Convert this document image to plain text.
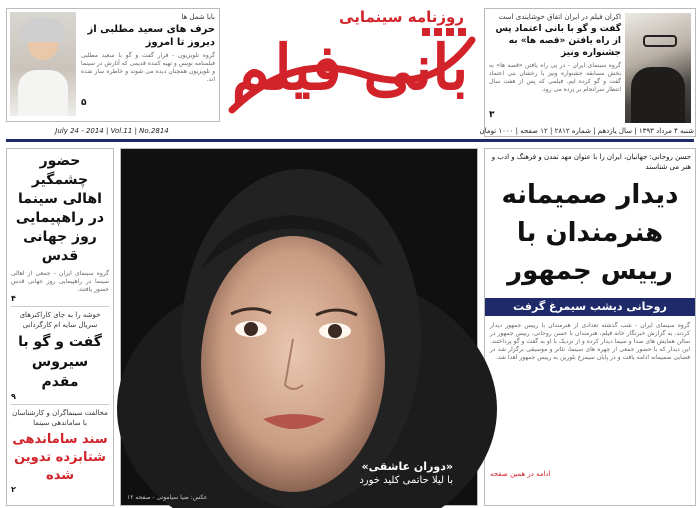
اکران فیلم در ایران اتفاق خوشایندی است
گفت و گو با بانی اعتماد پس از راه یافتن «قصه ها» به جشنواره ونیز
گروه سینمای ایران - در پی راه یافتن «قصه ها» به بخش مسابقه جشنواره ونیز با رخشان بنی اعتماد گفت و گو کرده ایم. فیلمی که پس از هفت سال انتظار سرانجام بر پرده می رود.
۳
روزنامه سینمایی
بانی فیلم
شنبه ۴ مرداد ۱۳۹۳ | سال یازدهم | شماره ۲۸۱۲ | ۱۲ صفحه | ۱۰۰۰ تومان
بابا شمل ها
حرف های سعید مطلبی از دیروز تا امروز
گروه تلویزیون - فرار گفت و گو با سعید مطلبی فیلمنامه نویس و تهیه کننده قدیمی که آثارش در سینما و تلویزیون همچنان دیده می شوند و خاطره ساز شده اند.
۵
July 24 - 2014 | Vol.11 | No.2814
حسن روحانی: جهانیان، ایران را با عنوان مهد تمدن و فرهنگ و ادب و هنر می شناسند
دیدار صمیمانه هنرمندان با رییس جمهور
روحانی دیشب سیمرغ گرفت
گروه سینمای ایران - شب گذشته تعدادی از هنرمندان با رییس جمهور دیدار کردند. به گزارش خبرنگار خانه فیلم، هنرمندان با حسن روحانی، رییس جمهور در سالن همایش های صدا و سیما دیدار کرده و از نزدیک با او به گفت و گو پرداختند. این دیدار که با حضور جمعی از چهره های سینما، تئاتر و موسیقی برگزار شد در فضایی صمیمانه ادامه یافت و در پایان سیمرغ بلورین به رییس جمهور اهدا شد.
ادامه در همین صفحه
حضور چشمگیر اهالی سینما در راهپیمایی روز جهانی قدس
گروه سینمای ایران - جمعی از اهالی سینما در راهپیمایی روز جهانی قدس حضور یافتند.
۴
خوشه را به جای کاراکترهای سریال سایه ام کارگردانی
گفت و گو با سیروس مقدم
۹
مخالفت سینماگران و کارشناسان با ساماندهی سینما
سند ساماندهی شتابزده تدوین شده
۲
«دوران عاشقی»
با لیلا حاتمی کلید خورد
عکس: ضیا سیامونی - صفحه ۱۲
